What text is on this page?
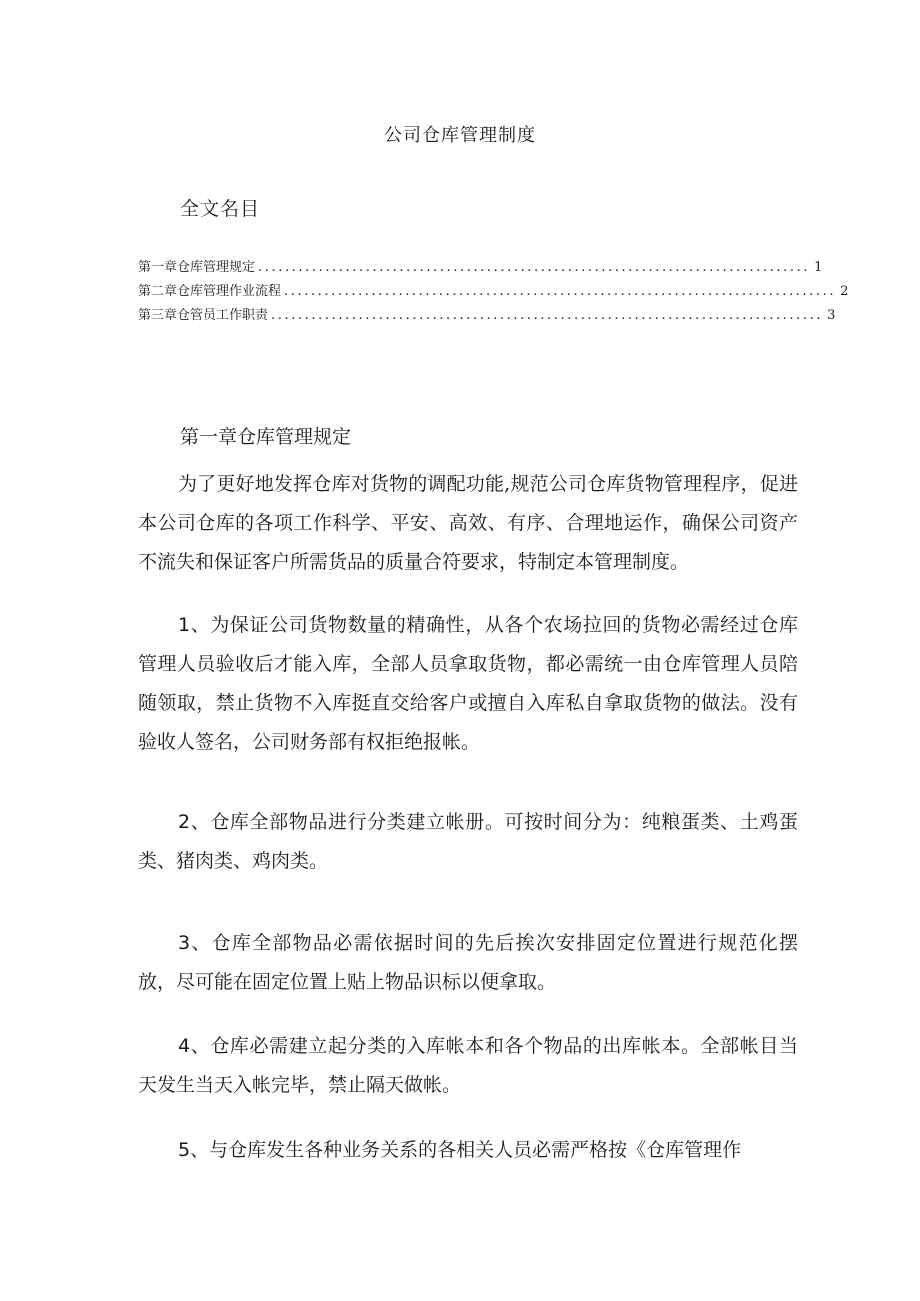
公司仓库管理制度
全文名目
第一章仓库管理规定 .................................................................................. 1
第二章仓库管理作业流程 .................................................................................. 2
第三章仓管员工作职责 .................................................................................. 3
第一章仓库管理规定

为了更好地发挥仓库对货物的调配功能,规范公司仓库货物管理程序，促进本公司仓库的各项工作科学、平安、高效、有序、合理地运作，确保公司资产不流失和保证客户所需货品的质量合符要求，特制定本管理制度。

1、为保证公司货物数量的精确性，从各个农场拉回的货物必需经过仓库管理人员验收后才能入库，全部人员拿取货物，都必需统一由仓库管理人员陪随领取，禁止货物不入库挺直交给客户或擅自入库私自拿取货物的做法。没有验收人签名，公司财务部有权拒绝报帐。

2、仓库全部物品进行分类建立帐册。可按时间分为：纯粮蛋类、土鸡蛋类、猪肉类、鸡肉类。

3、仓库全部物品必需依据时间的先后挨次安排固定位置进行规范化摆放，尽可能在固定位置上贴上物品识标以便拿取。

4、仓库必需建立起分类的入库帐本和各个物品的出库帐本。全部帐目当天发生当天入帐完毕，禁止隔天做帐。

5、与仓库发生各种业务关系的各相关人员必需严格按《仓库管理作
